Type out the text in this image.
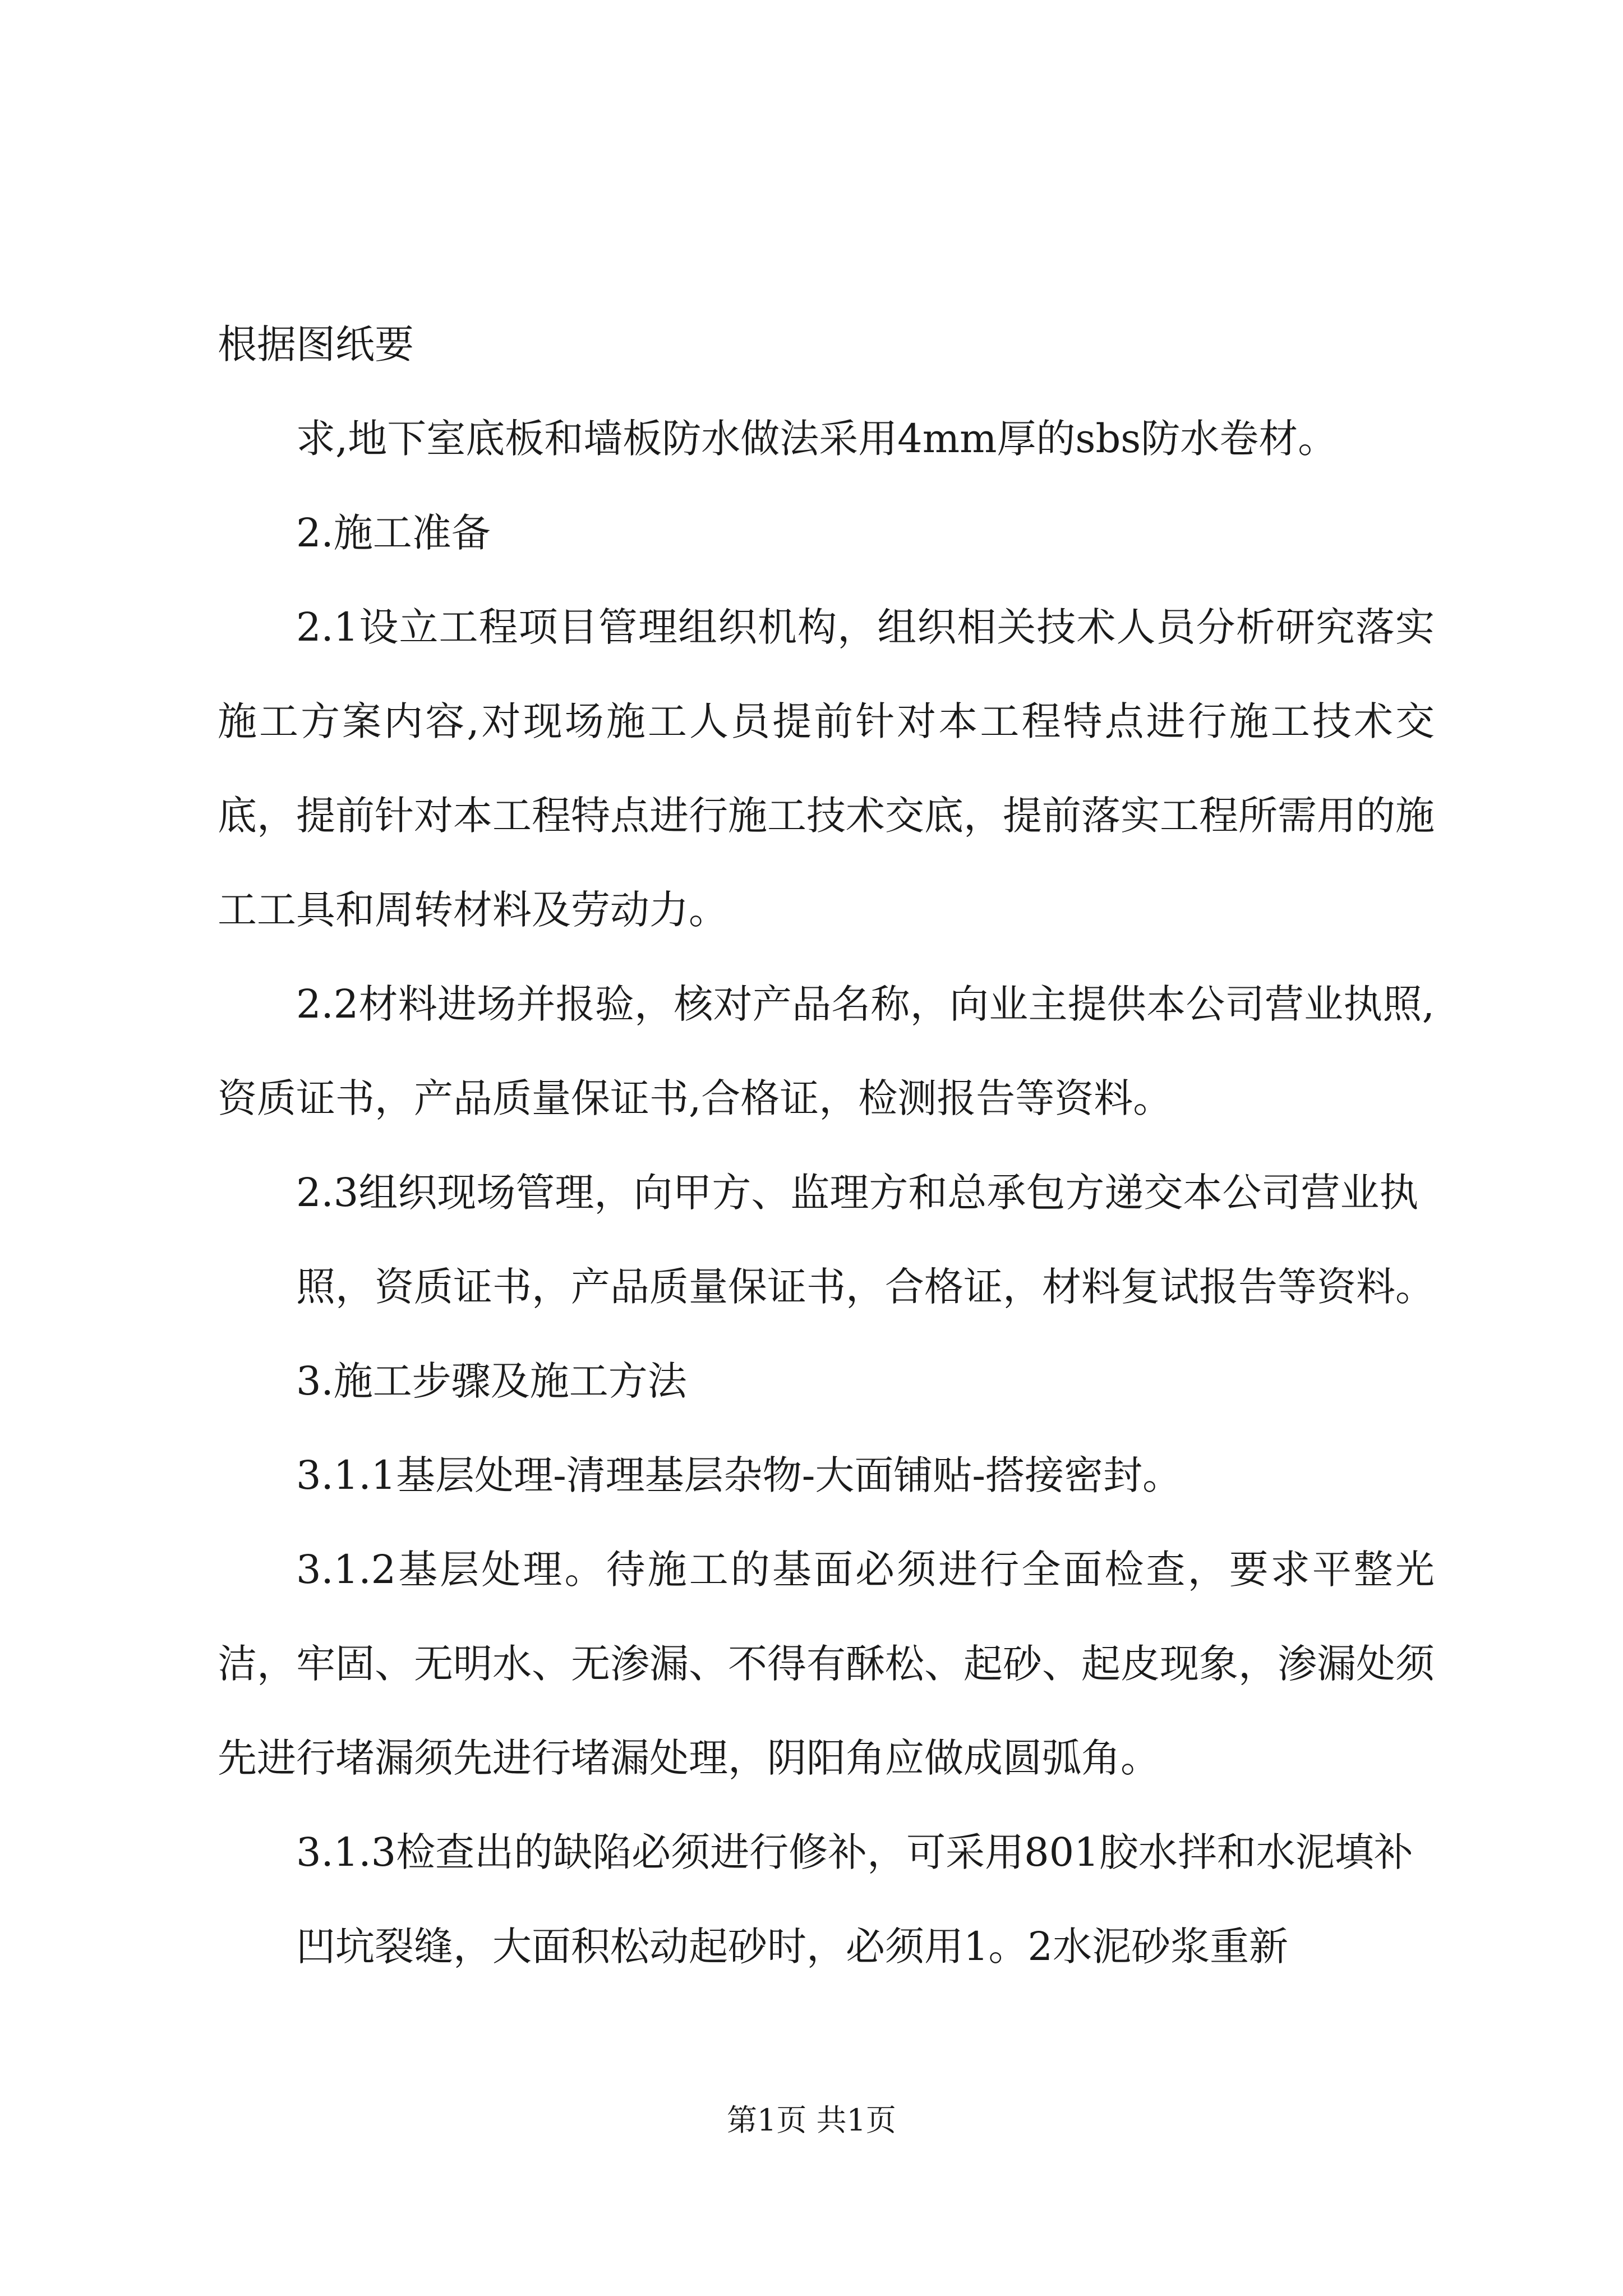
根据图纸要

求,地下室底板和墙板防水做法采用4mm厚的sbs防水卷材。

2.施工准备

2.1设立工程项目管理组织机构，组织相关技术人员分析研究落实施工方案内容,对现场施工人员提前针对本工程特点进行施工技术交底，提前针对本工程特点进行施工技术交底，提前落实工程所需用的施工工具和周转材料及劳动力。

2.2材料进场并报验，核对产品名称，向业主提供本公司营业执照,资质证书，产品质量保证书,合格证，检测报告等资料。

2.3组织现场管理，向甲方、监理方和总承包方递交本公司营业执

照，资质证书，产品质量保证书，合格证，材料复试报告等资料。

3.施工步骤及施工方法

3.1.1基层处理-清理基层杂物-大面铺贴-搭接密封。

3.1.2基层处理。待施工的基面必须进行全面检查，要求平整光洁，牢固、无明水、无渗漏、不得有酥松、起砂、起皮现象，渗漏处须先进行堵漏须先进行堵漏处理，阴阳角应做成圆弧角。

3.1.3检查出的缺陷必须进行修补，可采用801胶水拌和水泥填补

凹坑裂缝，大面积松动起砂时，必须用1。2水泥砂浆重新

第1页 共1页
